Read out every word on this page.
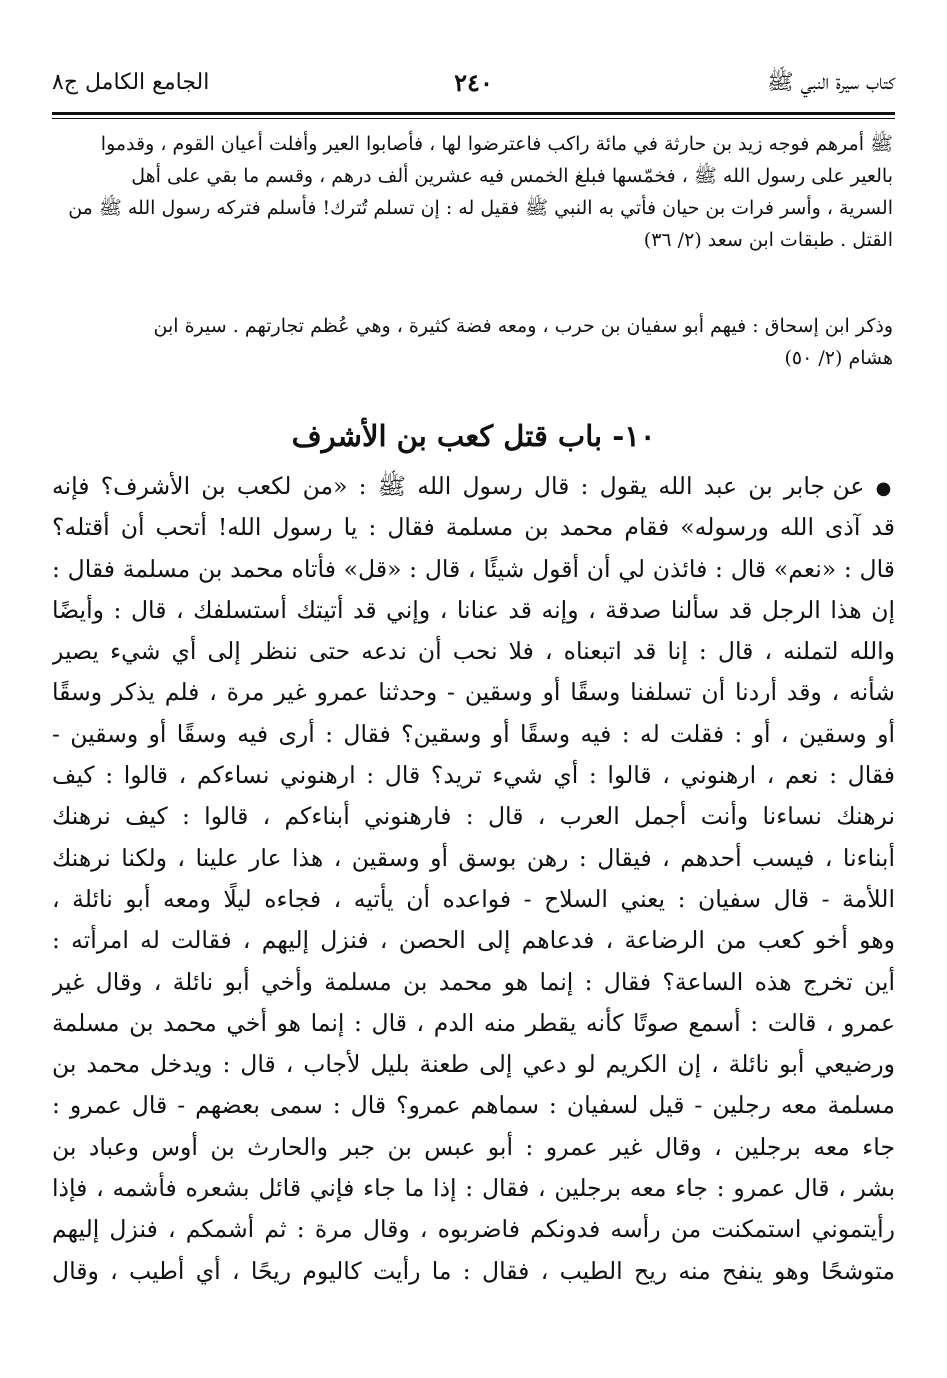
كتاب سيرة النبي ﷺ
٢٤٠
الجامع الكامل ج٨
ﷺ أمرهم فوجه زيد بن حارثة في مائة راكب فاعترضوا لها ، فأصابوا العير وأفلت أعيان القوم ، وقدموا
بالعير على رسول الله ﷺ ، فخمّسها فبلغ الخمس فيه عشرين ألف درهم ، وقسم ما بقي على أهل
السرية ، وأسر فرات بن حيان فأتي به النبي ﷺ فقيل له : إن تسلم تُترك! فأسلم فتركه رسول الله ﷺ من
القتل . طبقات ابن سعد (٢/ ٣٦)
وذكر ابن إسحاق : فيهم أبو سفيان بن حرب ، ومعه فضة كثيرة ، وهي عُظم تجارتهم . سيرة ابن
هشام (٢/ ٥٠)
١٠- باب قتل كعب بن الأشرف
● عن جابر بن عبد الله يقول : قال رسول الله ﷺ : «من لكعب بن الأشرف؟ فإنه
قد آذى الله ورسوله» فقام محمد بن مسلمة فقال : يا رسول الله! أتحب أن أقتله؟
قال : «نعم» قال : فائذن لي أن أقول شيئًا ، قال : «قل» فأتاه محمد بن مسلمة فقال :
إن هذا الرجل قد سألنا صدقة ، وإنه قد عنانا ، وإني قد أتيتك أستسلفك ، قال : وأيضًا
والله لتملنه ، قال : إنا قد اتبعناه ، فلا نحب أن ندعه حتى ننظر إلى أي شيء يصير
شأنه ، وقد أردنا أن تسلفنا وسقًا أو وسقين - وحدثنا عمرو غير مرة ، فلم يذكر وسقًا
أو وسقين ، أو : فقلت له : فيه وسقًا أو وسقين؟ فقال : أرى فيه وسقًا أو وسقين -
فقال : نعم ، ارهنوني ، قالوا : أي شيء تريد؟ قال : ارهنوني نساءكم ، قالوا : كيف
نرهنك نساءنا وأنت أجمل العرب ، قال : فارهنوني أبناءكم ، قالوا : كيف نرهنك
أبناءنا ، فيسب أحدهم ، فيقال : رهن بوسق أو وسقين ، هذا عار علينا ، ولكنا نرهنك
اللأمة - قال سفيان : يعني السلاح - فواعده أن يأتيه ، فجاءه ليلًا ومعه أبو نائلة ،
وهو أخو كعب من الرضاعة ، فدعاهم إلى الحصن ، فنزل إليهم ، فقالت له امرأته :
أين تخرج هذه الساعة؟ فقال : إنما هو محمد بن مسلمة وأخي أبو نائلة ، وقال غير
عمرو ، قالت : أسمع صوتًا كأنه يقطر منه الدم ، قال : إنما هو أخي محمد بن مسلمة
ورضيعي أبو نائلة ، إن الكريم لو دعي إلى طعنة بليل لأجاب ، قال : ويدخل محمد بن
مسلمة معه رجلين - قيل لسفيان : سماهم عمرو؟ قال : سمى بعضهم - قال عمرو :
جاء معه برجلين ، وقال غير عمرو : أبو عبس بن جبر والحارث بن أوس وعباد بن
بشر ، قال عمرو : جاء معه برجلين ، فقال : إذا ما جاء فإني قائل بشعره فأشمه ، فإذا
رأيتموني استمكنت من رأسه فدونكم فاضربوه ، وقال مرة : ثم أشمكم ، فنزل إليهم
متوشحًا وهو ينفح منه ريح الطيب ، فقال : ما رأيت كاليوم ريحًا ، أي أطيب ، وقال
